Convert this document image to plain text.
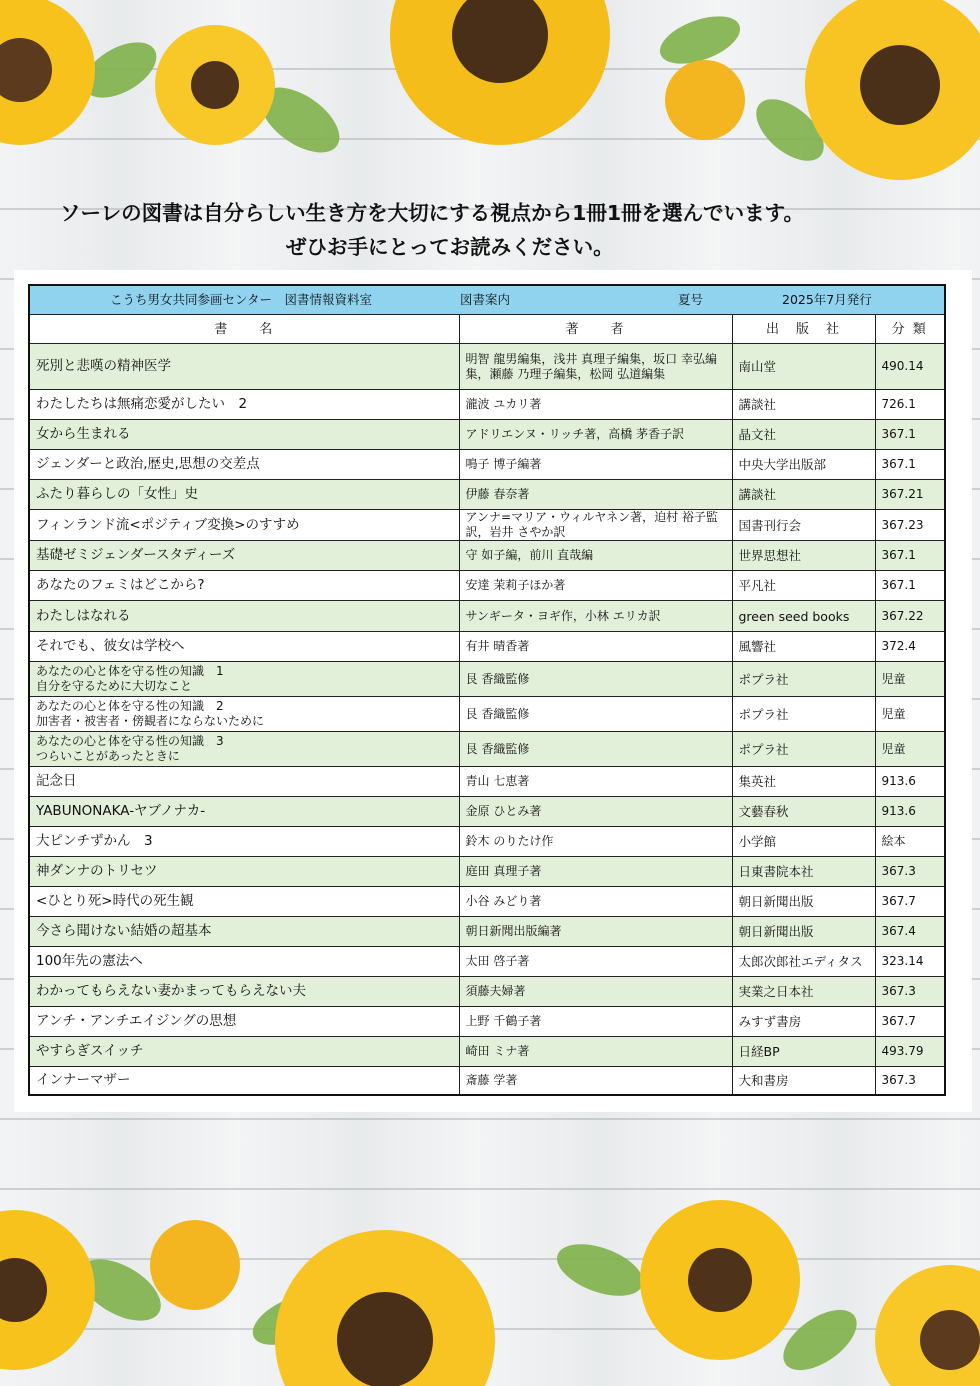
ソーレの図書は自分らしい生き方を大切にする視点から1冊1冊を選んでいます。
ぜひお手にとってお読みください。
こうち男女共同参画センター　図書情報資料室 図書案内 夏号 2025年7月発行			

書　　名	著　　者	出　版　社	分 類
死別と悲嘆の精神医学	明智 龍男編集，浅井 真理子編集，坂口 幸弘編集，瀬藤 乃理子編集，松岡 弘道編集	南山堂	490.14
わたしたちは無痛恋愛がしたい　2	瀧波 ユカリ著	講談社	726.1
女から生まれる	アドリエンヌ・リッチ著，高橋 茅香子訳	晶文社	367.1
ジェンダーと政治,歴史,思想の交差点	鳴子 博子編著	中央大学出版部	367.1
ふたり暮らしの「女性」史	伊藤 春奈著	講談社	367.21
フィンランド流<ポジティブ変換>のすすめ	アンナ=マリア・ウィルヤネン著，迫村 裕子監訳，岩井 さやか訳	国書刊行会	367.23
基礎ゼミジェンダースタディーズ	守 如子編，前川 直哉編	世界思想社	367.1
あなたのフェミはどこから?	安達 茉莉子ほか著	平凡社	367.1
わたしはなれる	サンギータ・ヨギ作，小林 エリカ訳	green seed books	367.22
それでも、彼女は学校へ	有井 晴香著	風響社	372.4

あなたの心と体を守る性の知識　1
自分を守るために大切なこと	艮 香織監修	ポプラ社	児童

あなたの心と体を守る性の知識　2
加害者・被害者・傍観者にならないために	艮 香織監修	ポプラ社	児童

あなたの心と体を守る性の知識　3
つらいことがあったときに	艮 香織監修	ポプラ社	児童
記念日	青山 七恵著	集英社	913.6
YABUNONAKA-ヤブノナカ-	金原 ひとみ著	文藝春秋	913.6
大ピンチずかん　3	鈴木 のりたけ作	小学館	絵本
神ダンナのトリセツ	庭田 真理子著	日東書院本社	367.3
<ひとり死>時代の死生観	小谷 みどり著	朝日新聞出版	367.7
今さら聞けない結婚の超基本	朝日新聞出版編著	朝日新聞出版	367.4
100年先の憲法へ	太田 啓子著	太郎次郎社エディタス	323.14
わかってもらえない妻かまってもらえない夫	須藤夫婦著	実業之日本社	367.3
アンチ・アンチエイジングの思想	上野 千鶴子著	みすず書房	367.7
やすらぎスイッチ	崎田 ミナ著	日経BP	493.79
インナーマザー	斎藤 学著	大和書房	367.3
